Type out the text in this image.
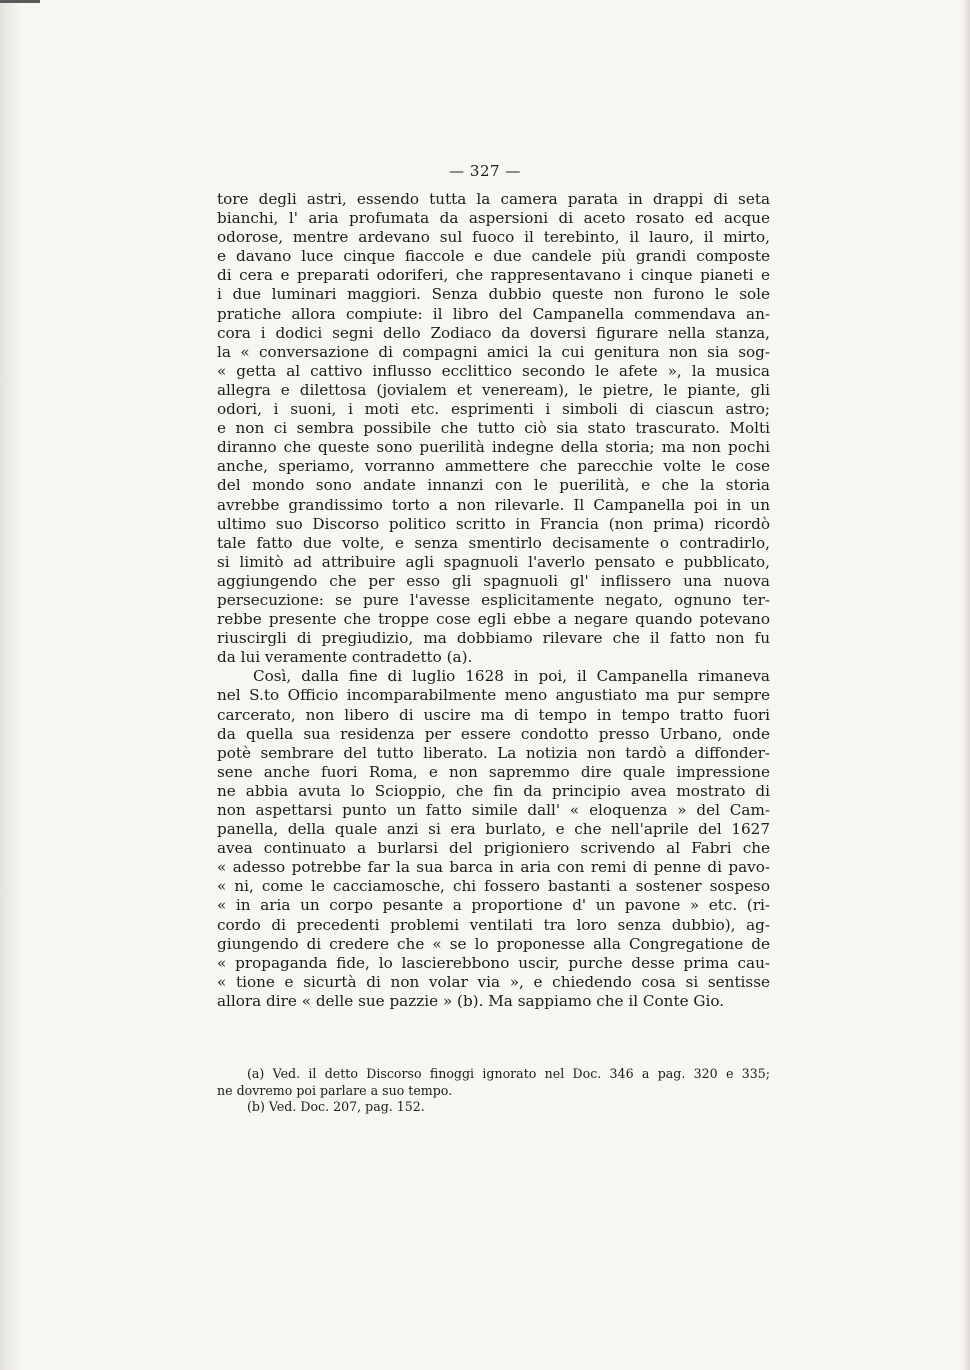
— 327 —
tore degli astri, essendo tutta la camera parata in drappi di seta
bianchi, l' aria profumata da aspersioni di aceto rosato ed acque
odorose, mentre ardevano sul fuoco il terebinto, il lauro, il mirto,
e davano luce cinque fiaccole e due candele più grandi composte
di cera e preparati odoriferi, che rappresentavano i cinque pianeti e
i due luminari maggiori. Senza dubbio queste non furono le sole
pratiche allora compiute: il libro del Campanella commendava an-
cora i dodici segni dello Zodiaco da doversi figurare nella stanza,
la « conversazione di compagni amici la cui genitura non sia sog-
« getta al cattivo influsso ecclittico secondo le afete », la musica
allegra e dilettosa (jovialem et veneream), le pietre, le piante, gli
odori, i suoni, i moti etc. esprimenti i simboli di ciascun astro;
e non ci sembra possibile che tutto ciò sia stato trascurato. Molti
diranno che queste sono puerilità indegne della storia; ma non pochi
anche, speriamo, vorranno ammettere che parecchie volte le cose
del mondo sono andate innanzi con le puerilità, e che la storia
avrebbe grandissimo torto a non rilevarle. Il Campanella poi in un
ultimo suo Discorso politico scritto in Francia (non prima) ricordò
tale fatto due volte, e senza smentirlo decisamente o contradirlo,
si limitò ad attribuire agli spagnuoli l'averlo pensato e pubblicato,
aggiungendo che per esso gli spagnuoli gl' inflissero una nuova
persecuzione: se pure l'avesse esplicitamente negato, ognuno ter-
rebbe presente che troppe cose egli ebbe a negare quando potevano
riuscirgli di pregiudizio, ma dobbiamo rilevare che il fatto non fu
da lui veramente contradetto (a).
Così, dalla fine di luglio 1628 in poi, il Campanella rimaneva
nel S.to Officio incomparabilmente meno angustiato ma pur sempre
carcerato, non libero di uscire ma di tempo in tempo tratto fuori
da quella sua residenza per essere condotto presso Urbano, onde
potè sembrare del tutto liberato. La notizia non tardò a diffonder-
sene anche fuori Roma, e non sapremmo dire quale impressione
ne abbia avuta lo Scioppio, che fin da principio avea mostrato di
non aspettarsi punto un fatto simile dall' « eloquenza » del Cam-
panella, della quale anzi si era burlato, e che nell'aprile del 1627
avea continuato a burlarsi del prigioniero scrivendo al Fabri che
« adesso potrebbe far la sua barca in aria con remi di penne di pavo-
« ni, come le cacciamosche, chi fossero bastanti a sostener sospeso
« in aria un corpo pesante a proportione d' un pavone » etc. (ri-
cordo di precedenti problemi ventilati tra loro senza dubbio), ag-
giungendo di credere che « se lo proponesse alla Congregatione de
« propaganda fide, lo lascierebbono uscir, purche desse prima cau-
« tione e sicurtà di non volar via », e chiedendo cosa si sentisse
allora dire « delle sue pazzie » (b). Ma sappiamo che il Conte Gio.
(a) Ved. il detto Discorso finoggi ignorato nel Doc. 346 a pag. 320 e 335;
ne dovremo poi parlare a suo tempo.
(b) Ved. Doc. 207, pag. 152.
